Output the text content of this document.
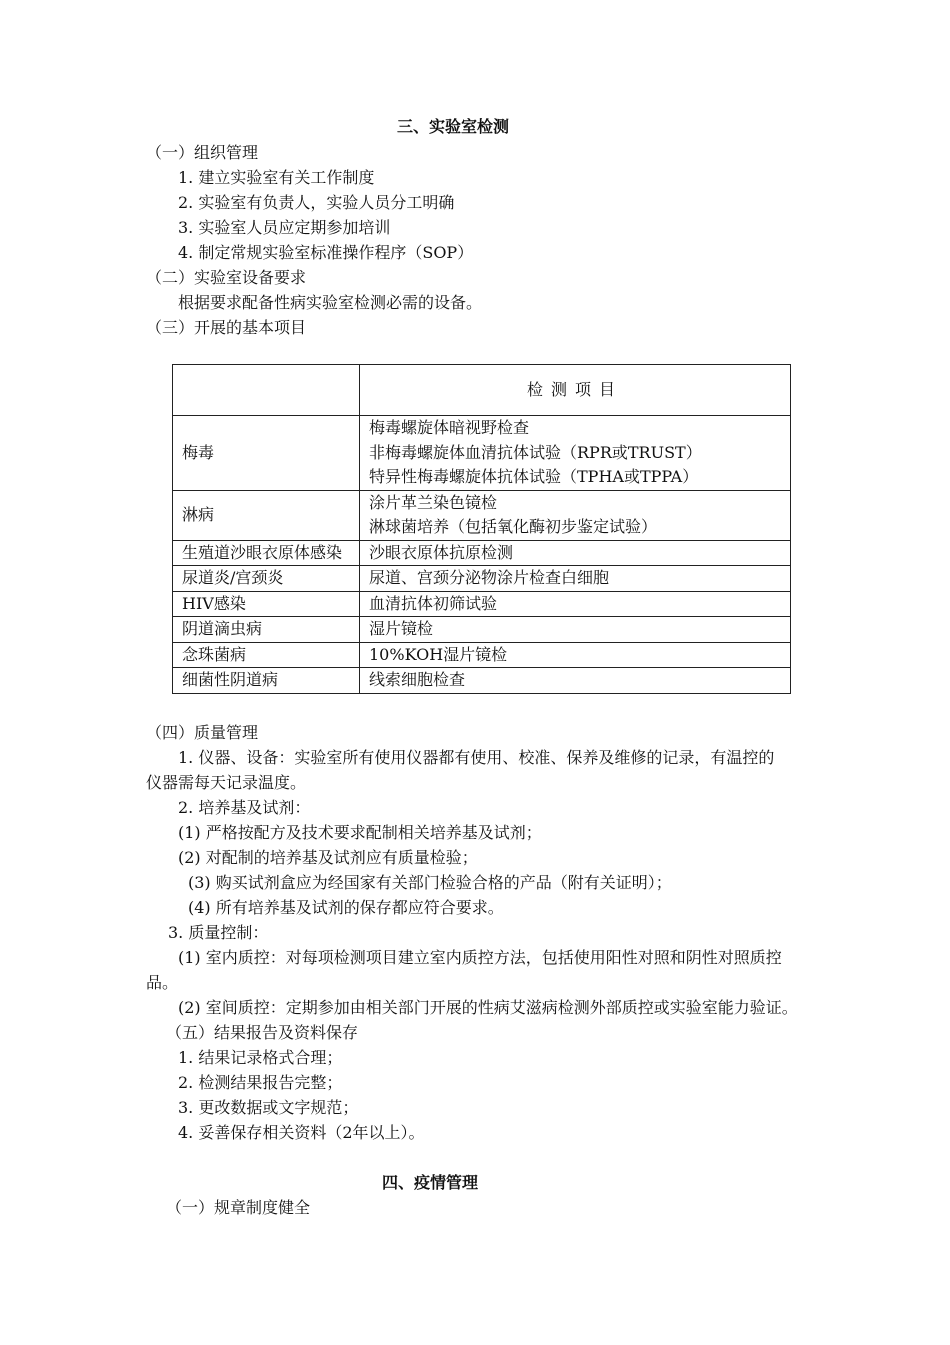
三、实验室检测
（一）组织管理
1. 建立实验室有关工作制度
2. 实验室有负责人，实验人员分工明确
3. 实验室人员应定期参加培训
4. 制定常规实验室标准操作程序（SOP）
（二）实验室设备要求
根据要求配备性病实验室检测必需的设备。
（三）开展的基本项目
	检测项目
梅毒	梅毒螺旋体暗视野检查
非梅毒螺旋体血清抗体试验（RPR或TRUST）
特异性梅毒螺旋体抗体试验（TPHA或TPPA）

淋病	涂片革兰染色镜检
淋球菌培养（包括氧化酶初步鉴定试验）

生殖道沙眼衣原体感染	沙眼衣原体抗原检测
尿道炎/宫颈炎	尿道、宫颈分泌物涂片检查白细胞
HIV感染	血清抗体初筛试验
阴道滴虫病	湿片镜检
念珠菌病	10%KOH湿片镜检
细菌性阴道病	线索细胞检查
（四）质量管理
1. 仪器、设备：实验室所有使用仪器都有使用、校准、保养及维修的记录，有温控的
仪器需每天记录温度。
2. 培养基及试剂：
(1) 严格按配方及技术要求配制相关培养基及试剂；
(2) 对配制的培养基及试剂应有质量检验；
(3) 购买试剂盒应为经国家有关部门检验合格的产品（附有关证明）；
(4) 所有培养基及试剂的保存都应符合要求。
3. 质量控制：
(1) 室内质控：对每项检测项目建立室内质控方法，包括使用阳性对照和阴性对照质控
品。
(2) 室间质控：定期参加由相关部门开展的性病艾滋病检测外部质控或实验室能力验证。
（五）结果报告及资料保存
1. 结果记录格式合理；
2. 检测结果报告完整；
3. 更改数据或文字规范；
4. 妥善保存相关资料（2年以上）。
四、疫情管理
（一）规章制度健全
